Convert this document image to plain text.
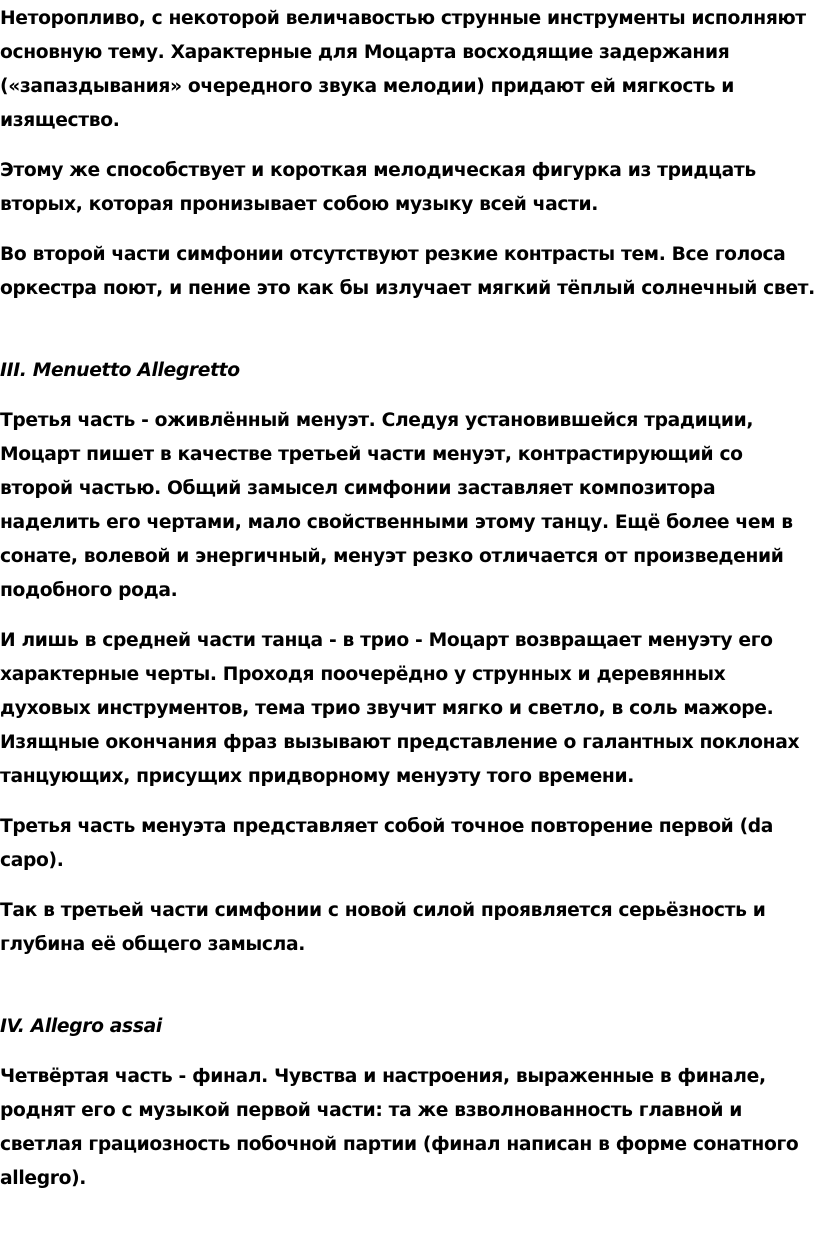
Неторопливо, с некоторой величавостью струнные инструменты исполняют основную тему. Характерные для Моцарта восходящие задержания («запаздывания» очередного звука мелодии) придают ей мягкость и изящество.

Этому же способствует и короткая мелодическая фигурка из тридцать вторых, которая пронизывает собою музыку всей части.

Во второй части симфонии отсутствуют резкие контрасты тем. Все голоса оркестра поют, и пение это как бы излучает мягкий тёплый солнечный свет.

III. Menuetto Allegretto

Третья часть - оживлённый менуэт. Следуя установившейся традиции, Моцарт пишет в качестве третьей части менуэт, контрастирующий со второй частью. Общий замысел симфонии заставляет композитора наделить его чертами, мало свойственными этому танцу. Ещё более чем в сонате, волевой и энергичный, менуэт резко отличается от произведений подобного рода.

И лишь в средней части танца - в трио - Моцарт возвращает менуэту его характерные черты. Проходя поочерёдно у струнных и деревянных духовых инструментов, тема трио звучит мягко и светло, в соль мажоре. Изящные окончания фраз вызывают представление о галантных поклонах танцующих, присущих придворному менуэту того времени.

Третья часть менуэта представляет собой точное повторение первой (da capo).

Так в третьей части симфонии с новой силой проявляется серьёзность и глубина её общего замысла.

IV. Allegro assai

Четвёртая часть - финал. Чувства и настроения, выраженные в финале, роднят его с музыкой первой части: та же взволнованность главной и светлая грациозность побочной партии (финал написан в форме сонатного allegro).
